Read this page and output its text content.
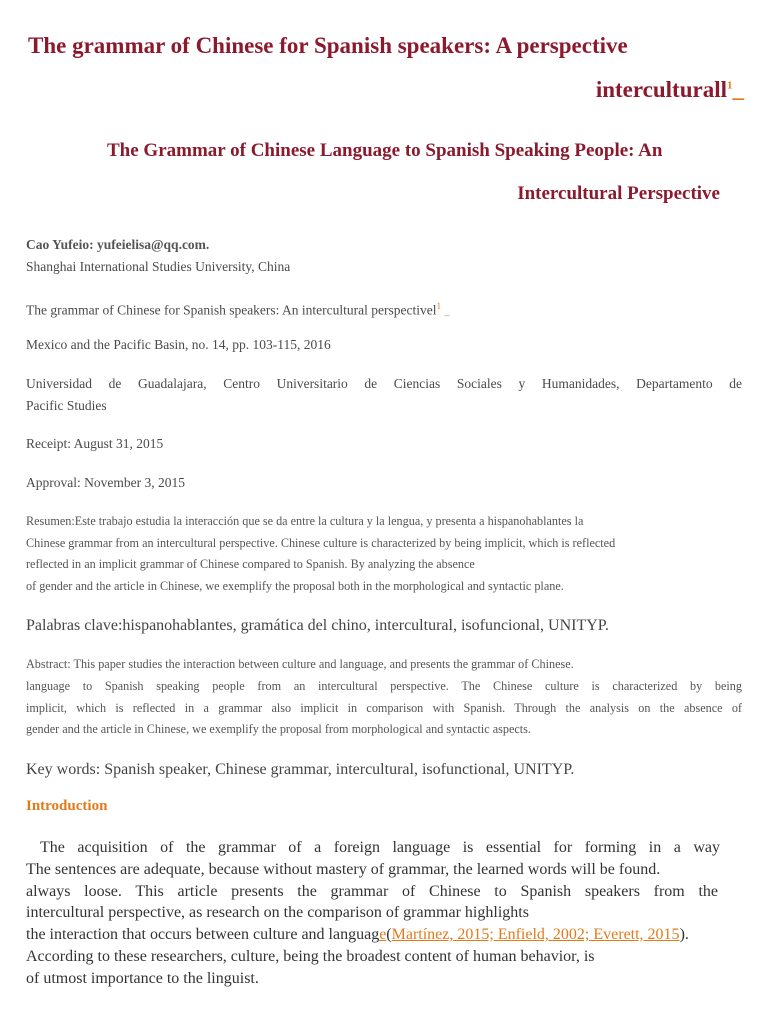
The grammar of Chinese for Spanish speakers: A perspective
interculturall$^1$_
The Grammar of Chinese Language to Spanish Speaking People: An
Intercultural Perspective
Cao Yufeio: yufeielisa@qq.com.
Shanghai International Studies University, China
The grammar of Chinese for Spanish speakers: An intercultural perspectivel$^1$ _
Mexico and the Pacific Basin, no. 14, pp. 103-115, 2016
Universidad de Guadalajara, Centro Universitario de Ciencias Sociales y Humanidades, Departamento de
Pacific Studies
Receipt: August 31, 2015
Approval: November 3, 2015
Resumen:Este trabajo estudia la interacción que se da entre la cultura y la lengua, y presenta a hispanohablantes la
Chinese grammar from an intercultural perspective. Chinese culture is characterized by being implicit, which is reflected
reflected in an implicit grammar of Chinese compared to Spanish. By analyzing the absence
of gender and the article in Chinese, we exemplify the proposal both in the morphological and syntactic plane.
Palabras clave:hispanohablantes, gramática del chino, intercultural, isofuncional, UNITYP.
Abstract: This paper studies the interaction between culture and language, and presents the grammar of Chinese.
language to Spanish speaking people from an intercultural perspective. The Chinese culture is characterized by being
implicit, which is reflected in a grammar also implicit in comparison with Spanish. Through the analysis on the absence of
gender and the article in Chinese, we exemplify the proposal from morphological and syntactic aspects.
Key words: Spanish speaker, Chinese grammar, intercultural, isofunctional, UNITYP.
Introduction

The acquisition of the grammar of a foreign language is essential for forming in a way

The sentences are adequate, because without mastery of grammar, the learned words will be found.

always loose. This article presents the grammar of Chinese to Spanish speakers from the

intercultural perspective, as research on the comparison of grammar highlights

the interaction that occurs between culture and language(Martínez, 2015; Enfield, 2002; Everett, 2015).

According to these researchers, culture, being the broadest content of human behavior, is

of utmost importance to the linguist.
